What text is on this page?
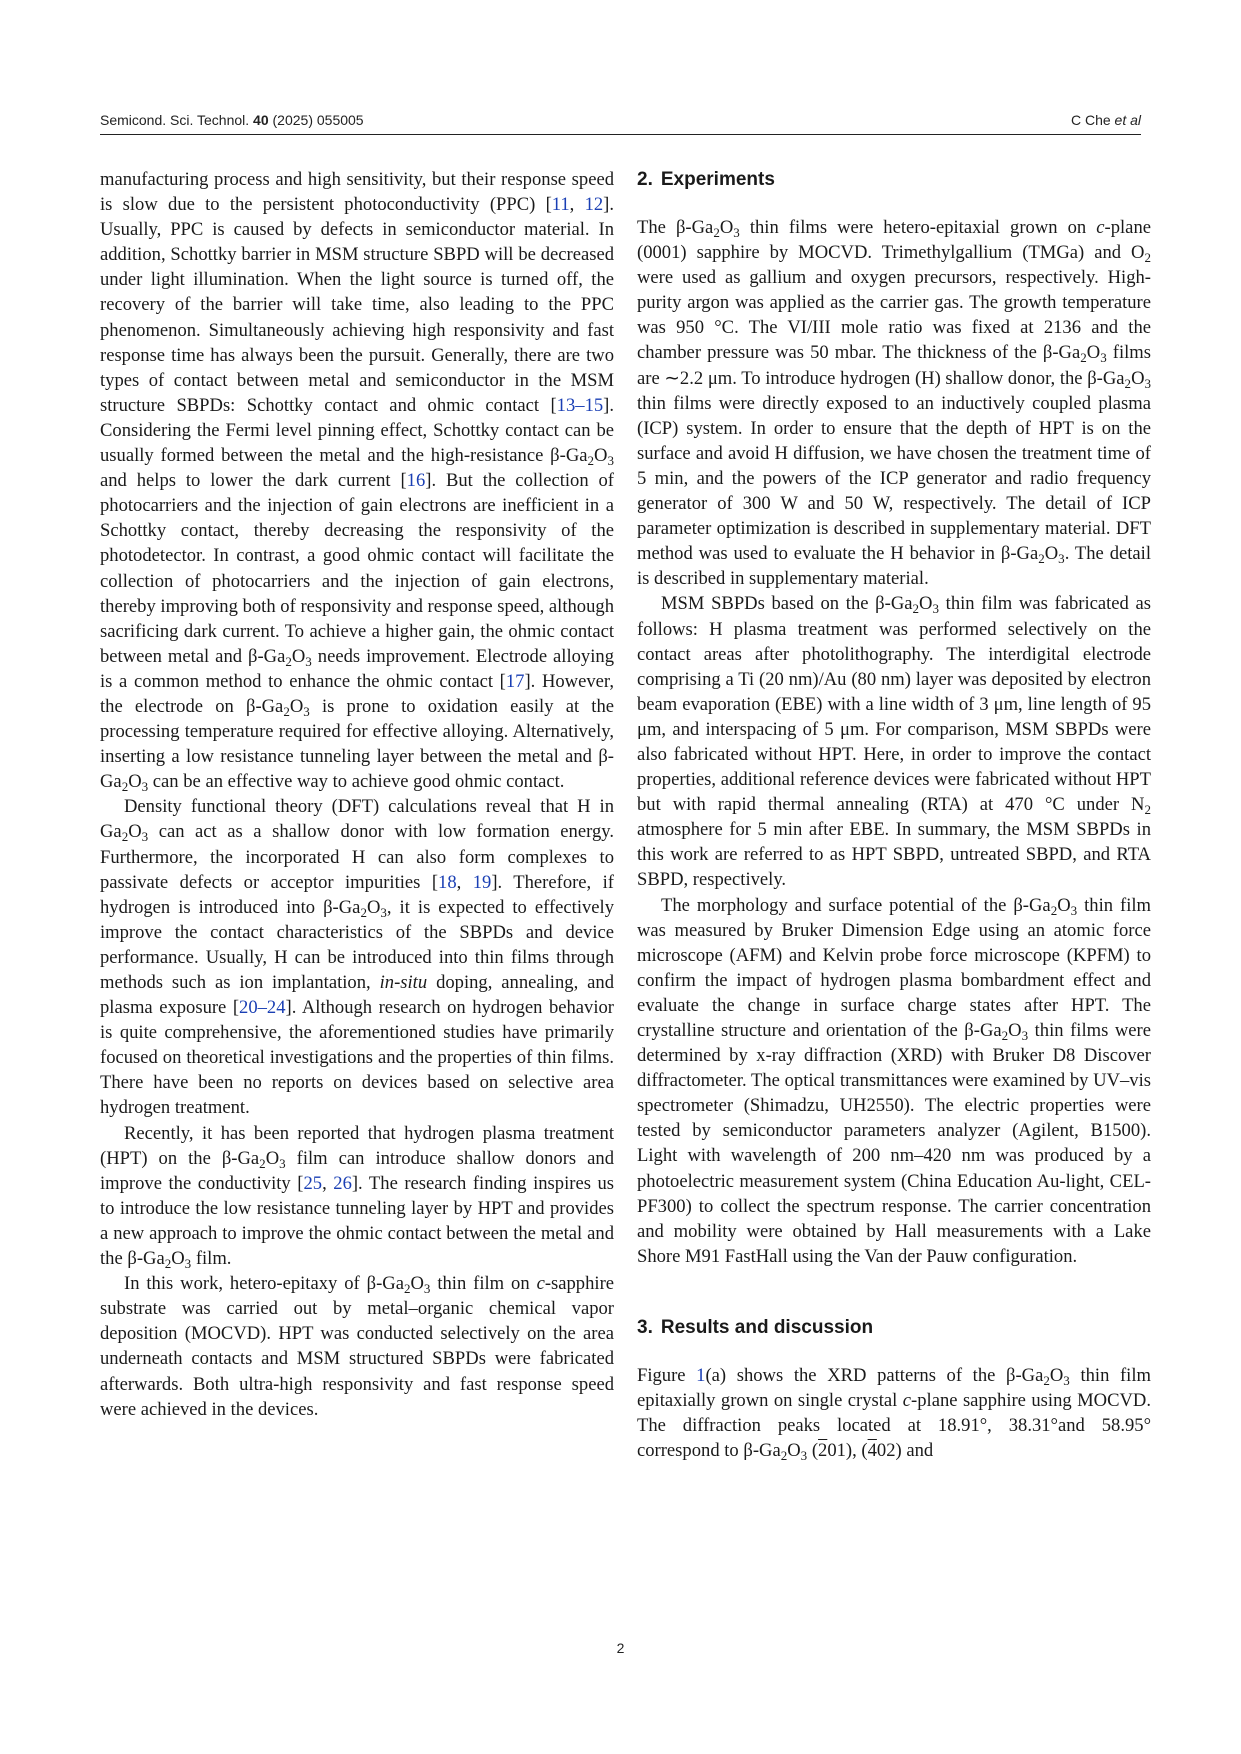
Semicond. Sci. Technol. 40 (2025) 055005	C Che et al

manufacturing process and high sensitivity, but their response speed is slow due to the persistent photoconductivity (PPC) [11, 12]. Usually, PPC is caused by defects in semiconductor material. In addition, Schottky barrier in MSM structure SBPD will be decreased under light illumination. When the light source is turned off, the recovery of the barrier will take time, also leading to the PPC phenomenon. Simultaneously achieving high responsivity and fast response time has always been the pursuit. Generally, there are two types of contact between metal and semiconductor in the MSM structure SBPDs: Schottky contact and ohmic contact [13–15]. Considering the Fermi level pinning effect, Schottky contact can be usually formed between the metal and the high-resistance $\beta-Ga_2O_3$ and helps to lower the dark current [16]. But the collection of photocarriers and the injection of gain electrons are inefficient in a Schottky contact, thereby decreasing the responsivity of the photodetector. In contrast, a good ohmic contact will facilitate the collection of photocarriers and the injection of gain electrons, thereby improving both of responsivity and response speed, although sacrificing dark current. To achieve a higher gain, the ohmic contact between metal and $\beta-Ga_2O_3$ needs improvement. Electrode alloying is a common method to enhance the ohmic contact [17]. However, the electrode on $\beta-Ga_2O_3$ is prone to oxidation easily at the processing temperature required for effective alloying. Alternatively, inserting a low resistance tunneling layer between the metal and $\beta-Ga_2O_3$ can be an effective way to achieve good ohmic contact.

Density functional theory (DFT) calculations reveal that H in $Ga_2O_3$ can act as a shallow donor with low formation energy. Furthermore, the incorporated H can also form complexes to passivate defects or acceptor impurities [18, 19]. Therefore, if hydrogen is introduced into $\beta-Ga_2O_3$, it is expected to effectively improve the contact characteristics of the SBPDs and device performance. Usually, H can be introduced into thin films through methods such as ion implantation, in-situ doping, annealing, and plasma exposure [20–24]. Although research on hydrogen behavior is quite comprehensive, the aforementioned studies have primarily focused on theoretical investigations and the properties of thin films. There have been no reports on devices based on selective area hydrogen treatment.

Recently, it has been reported that hydrogen plasma treatment (HPT) on the $\beta-Ga_2O_3$ film can introduce shallow donors and improve the conductivity [25, 26]. The research finding inspires us to introduce the low resistance tunneling layer by HPT and provides a new approach to improve the ohmic contact between the metal and the $\beta-Ga_2O_3$ film.

In this work, hetero-epitaxy of $\beta-Ga_2O_3$ thin film on c-sapphire substrate was carried out by metal–organic chemical vapor deposition (MOCVD). HPT was conducted selectively on the area underneath contacts and MSM structured SBPDs were fabricated afterwards. Both ultra-high responsivity and fast response speed were achieved in the devices.

2. Experiments

The $\beta-Ga_2O_3$ thin films were hetero-epitaxial grown on c-plane (0001) sapphire by MOCVD. Trimethylgallium (TMGa) and $O_2$ were used as gallium and oxygen precursors, respectively. High-purity argon was applied as the carrier gas. The growth temperature was 950 °C. The VI/III mole ratio was fixed at 2136 and the chamber pressure was 50 mbar. The thickness of the $\beta-Ga_2O_3$ films are ∼2.2 μm. To introduce hydrogen (H) shallow donor, the $\beta-Ga_2O_3$ thin films were directly exposed to an inductively coupled plasma (ICP) system. In order to ensure that the depth of HPT is on the surface and avoid H diffusion, we have chosen the treatment time of 5 min, and the powers of the ICP generator and radio frequency generator of 300 W and 50 W, respectively. The detail of ICP parameter optimization is described in supplementary material. DFT method was used to evaluate the H behavior in $\beta-Ga_2O_3$. The detail is described in supplementary material.

MSM SBPDs based on the $\beta-Ga_2O_3$ thin film was fabricated as follows: H plasma treatment was performed selectively on the contact areas after photolithography. The interdigital electrode comprising a Ti (20 nm)/Au (80 nm) layer was deposited by electron beam evaporation (EBE) with a line width of 3 μm, line length of 95 μm, and interspacing of 5 μm. For comparison, MSM SBPDs were also fabricated without HPT. Here, in order to improve the contact properties, additional reference devices were fabricated without HPT but with rapid thermal annealing (RTA) at 470 °C under $N_2$ atmosphere for 5 min after EBE. In summary, the MSM SBPDs in this work are referred to as HPT SBPD, untreated SBPD, and RTA SBPD, respectively.

The morphology and surface potential of the $\beta-Ga_2O_3$ thin film was measured by Bruker Dimension Edge using an atomic force microscope (AFM) and Kelvin probe force microscope (KPFM) to confirm the impact of hydrogen plasma bombardment effect and evaluate the change in surface charge states after HPT. The crystalline structure and orientation of the $\beta-Ga_2O_3$ thin films were determined by x-ray diffraction (XRD) with Bruker D8 Discover diffractometer. The optical transmittances were examined by UV–vis spectrometer (Shimadzu, UH2550). The electric properties were tested by semiconductor parameters analyzer (Agilent, B1500). Light with wavelength of 200 nm–420 nm was produced by a photoelectric measurement system (China Education Au-light, CEL-PF300) to collect the spectrum response. The carrier concentration and mobility were obtained by Hall measurements with a Lake Shore M91 FastHall using the Van der Pauw configuration.

3. Results and discussion

Figure 1(a) shows the XRD patterns of the $\beta-Ga_2O_3$ thin film epitaxially grown on single crystal c-plane sapphire using MOCVD. The diffraction peaks located at 18.91°, 38.31°and 58.95° correspond to $\beta-Ga_2O_3$ (201), (402) and

2
